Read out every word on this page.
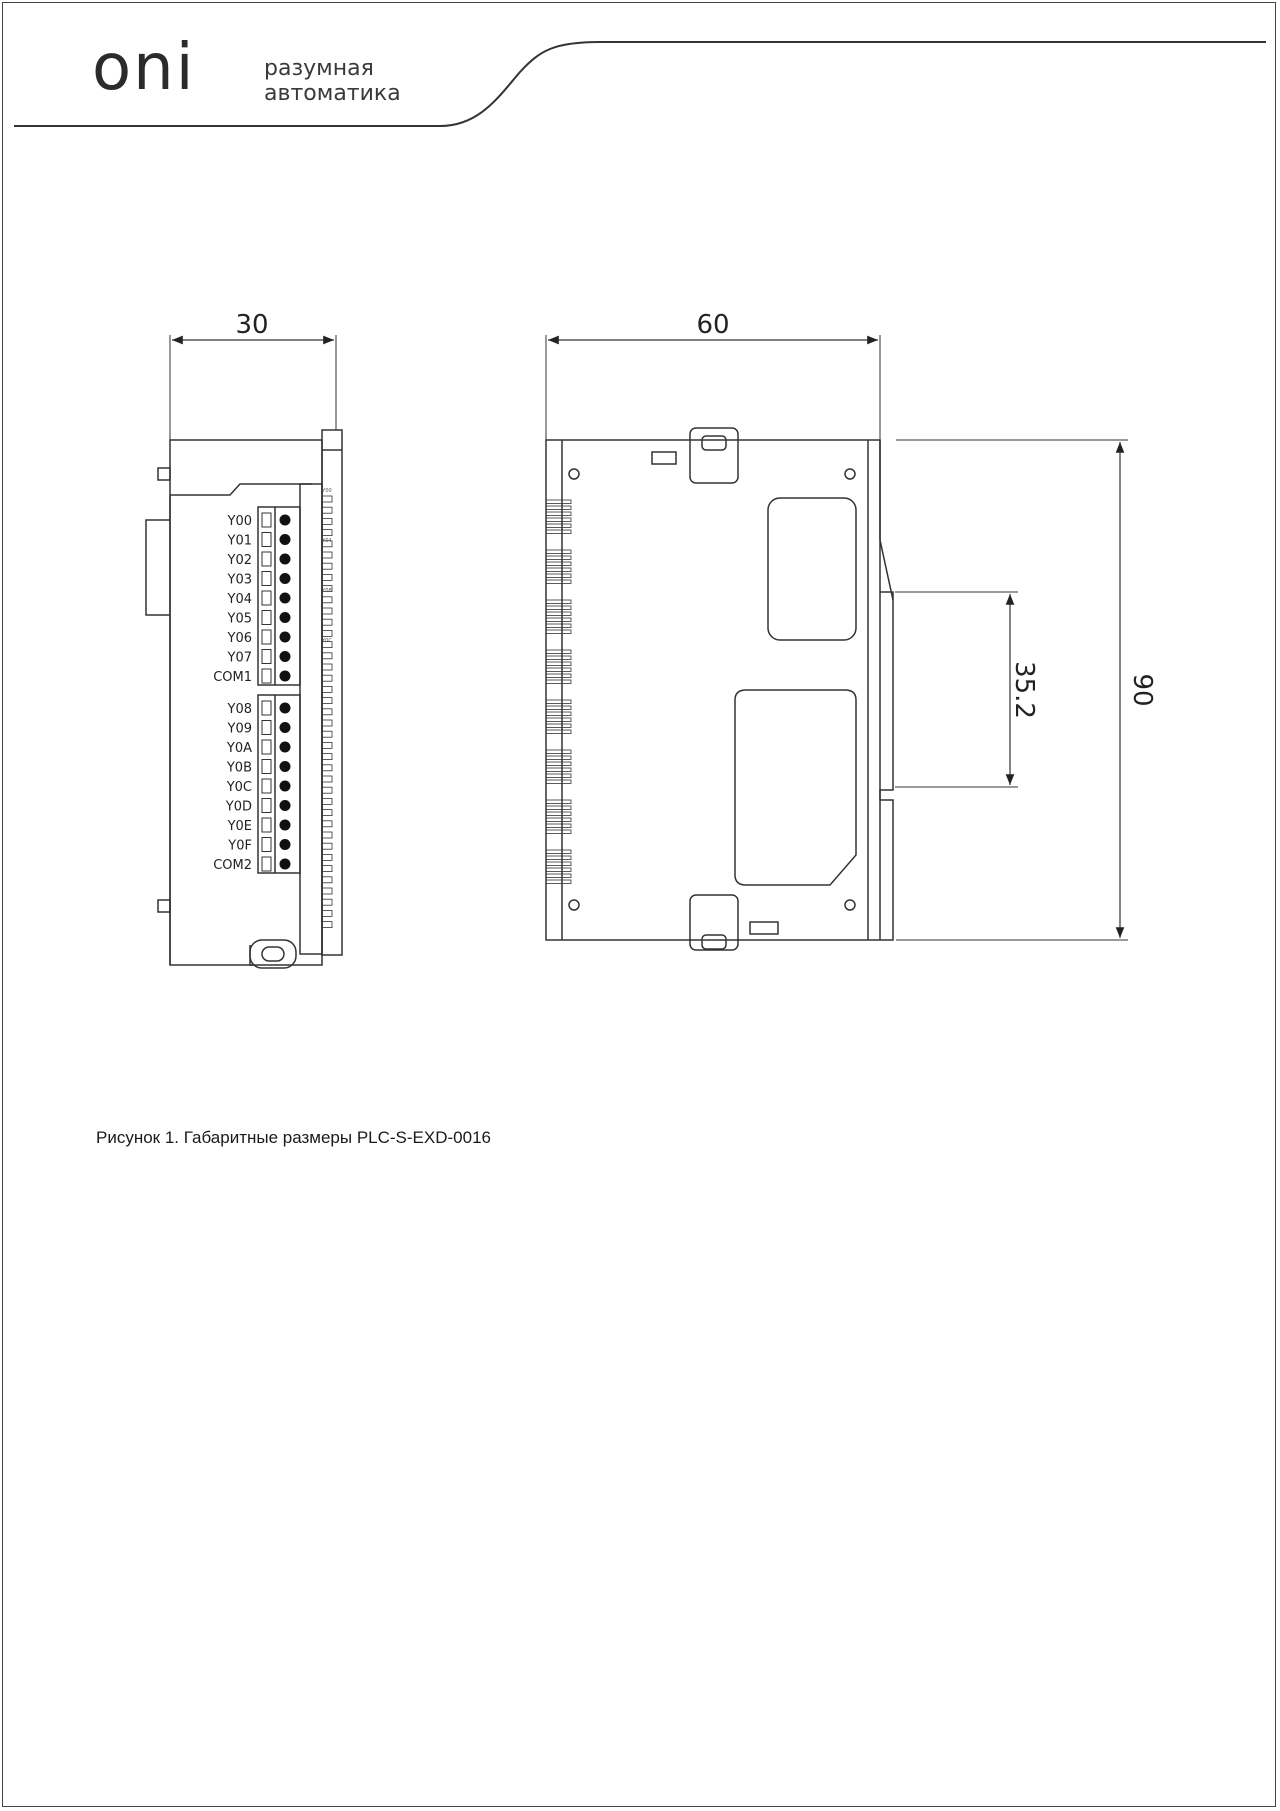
oni	разумная
автоматика
Y00
Y01
Y02
Y03
Y04
Y05
Y06
Y07
COM1
Y08
Y09
Y0A
Y0B
Y0C
Y0D
Y0E
Y0F
COM2
Y00
Y04
Y08
Y0C
30	60
90
35.2
Рисунок 1. Габаритные размеры PLC-S-EXD-0016
